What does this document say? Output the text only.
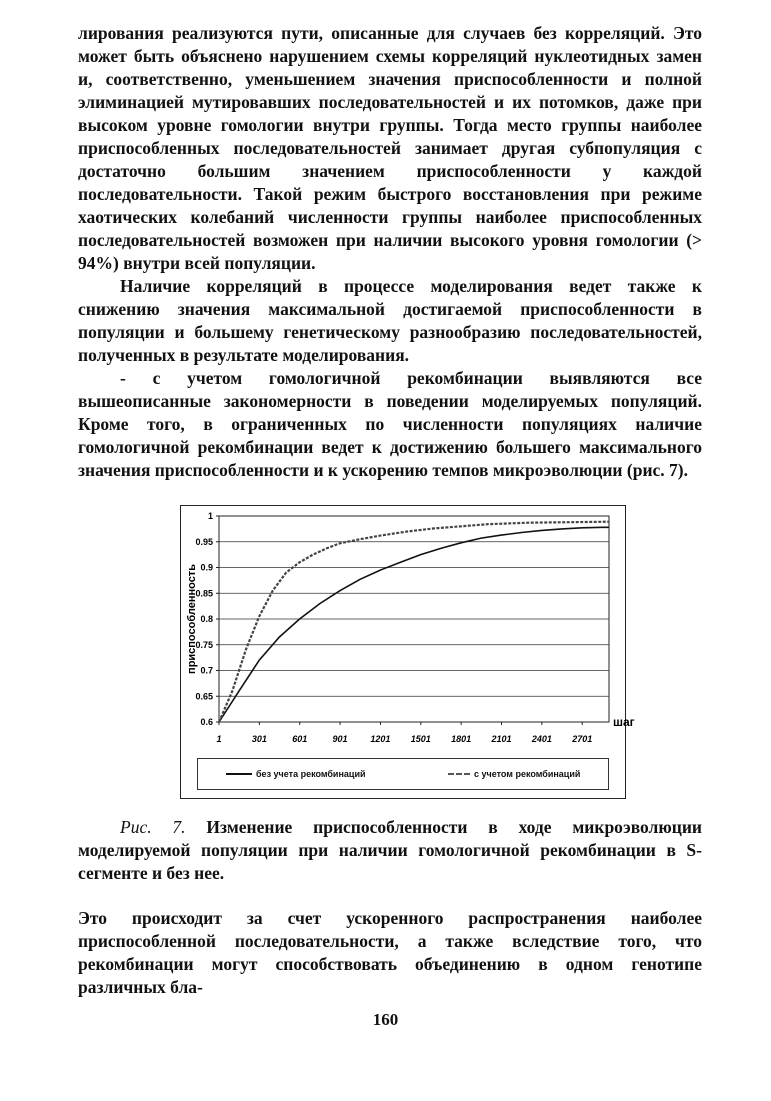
лирования реализуются пути, описанные для случаев без корреляций. Это может быть объяснено нарушением схемы корреляций нуклеотидных замен и, соответственно, уменьшением значения приспособленности и полной элиминацией мутировавших последовательностей и их потомков, даже при высоком уровне гомологии внутри группы. Тогда место группы наиболее приспособленных последовательностей занимает другая субпопуляция с достаточно большим значением приспособленности у каждой последовательности. Такой режим быстрого восстановления при режиме хаотических колебаний численности группы наиболее приспособленных последовательностей возможен при наличии высокого уровня гомологии (> 94%) внутри всей популяции.

Наличие корреляций в процессе моделирования ведет также к снижению значения максимальной достигаемой приспособленности в популяции и большему генетическому разнообразию последовательностей, полученных в результате моделирования.

- с учетом гомологичной рекомбинации выявляются все вышеописанные закономерности в поведении моделируемых популяций. Кроме того, в ограниченных по численности популяциях наличие гомологичной рекомбинации ведет к достижению большего максимального значения приспособленности и к ускорению темпов микроэволюции (рис. 7).

0.6
0.65
0.7
0.75
0.8
0.85
0.9
0.95
1
1	301	601	901	1201 1501 1801 2101 2401 2701
шаг
приспособленность
без учета рекомбинаций	с учетом рекомбинаций
Рис. 7. Изменение приспособленности в ходе микроэволюции моделируемой популяции при наличии гомологичной рекомбинации в S-сегменте и без нее.

Это происходит за счет ускоренного распространения наиболее приспособленной последовательности, а также вследствие того, что рекомбинации могут способствовать объединению в одном генотипе различных бла-

160
